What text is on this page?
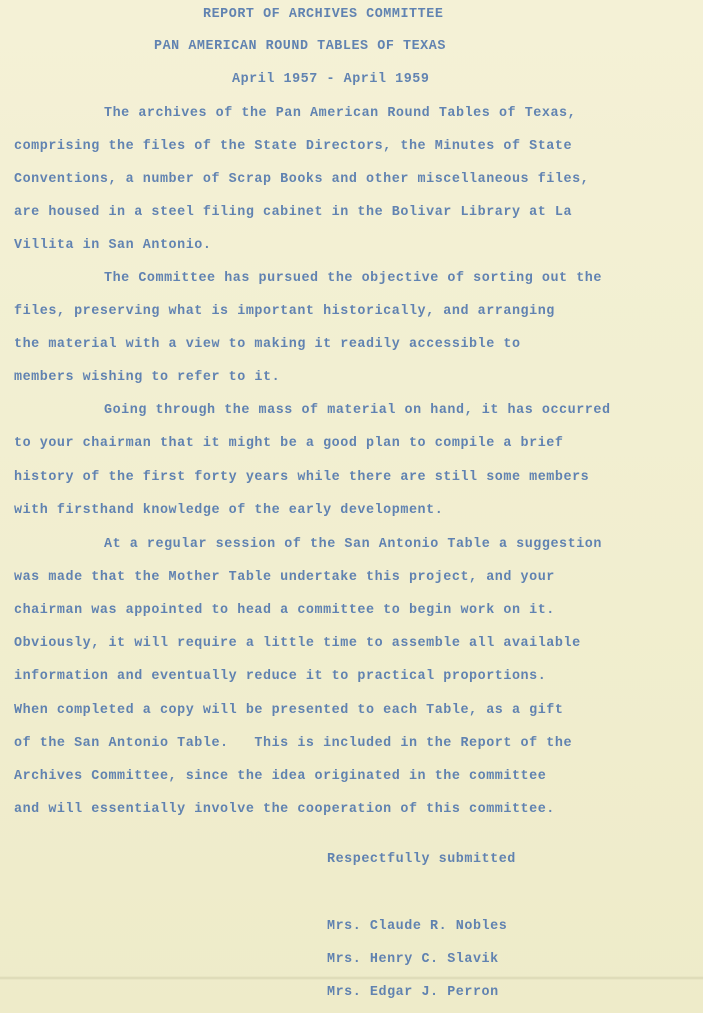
REPORT OF ARCHIVES COMMITTEE
PAN AMERICAN ROUND TABLES OF TEXAS
April 1957 - April 1959
The archives of the Pan American Round Tables of Texas,
comprising the files of the State Directors, the Minutes of State
Conventions, a number of Scrap Books and other miscellaneous files,
are housed in a steel filing cabinet in the Bolivar Library at La
Villita in San Antonio.
The Committee has pursued the objective of sorting out the
files, preserving what is important historically, and arranging
the material with a view to making it readily accessible to
members wishing to refer to it.
Going through the mass of material on hand, it has occurred
to your chairman that it might be a good plan to compile a brief
history of the first forty years while there are still some members
with firsthand knowledge of the early development.
At a regular session of the San Antonio Table a suggestion
was made that the Mother Table undertake this project, and your
chairman was appointed to head a committee to begin work on it.
Obviously, it will require a little time to assemble all available
information and eventually reduce it to practical proportions.
When completed a copy will be presented to each Table, as a gift
of the San Antonio Table.   This is included in the Report of the
Archives Committee, since the idea originated in the committee
and will essentially involve the cooperation of this committee.
Respectfully submitted
Mrs. Claude R. Nobles
Mrs. Henry C. Slavik
Mrs. Edgar J. Perron
